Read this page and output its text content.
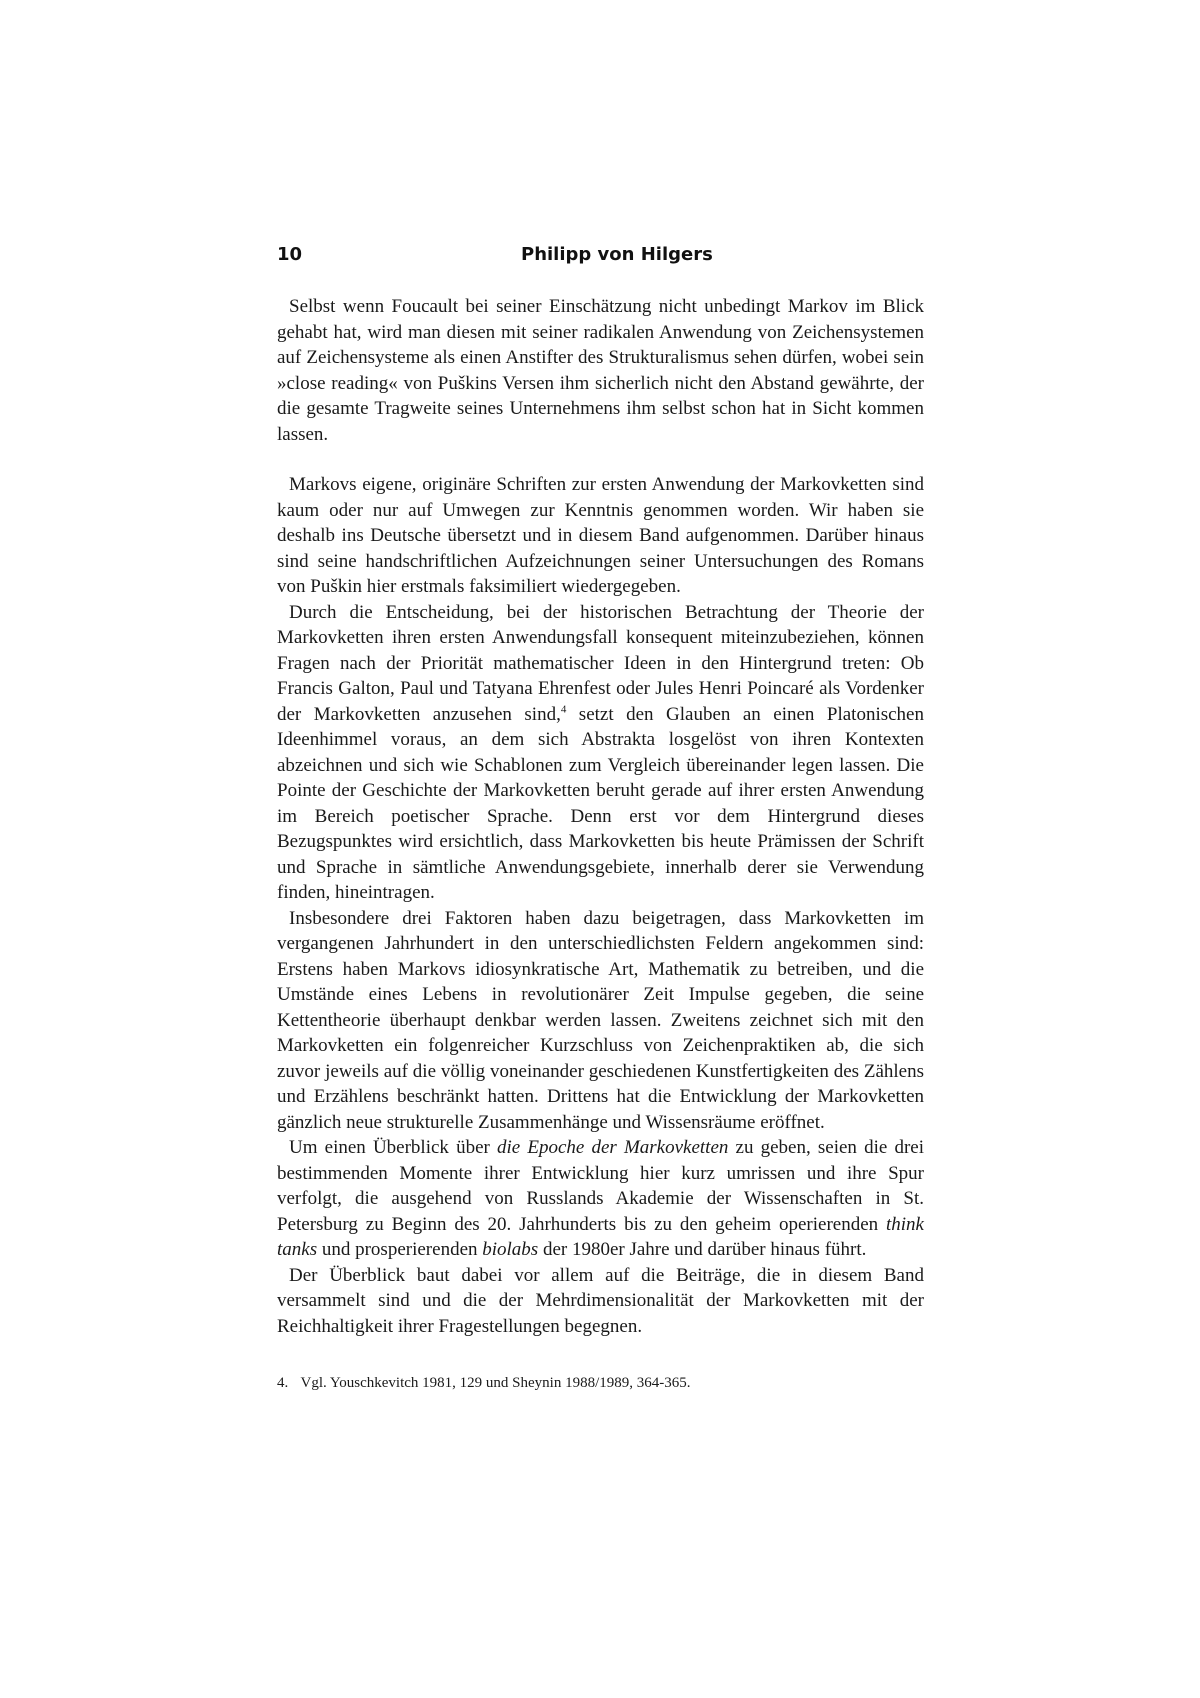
10	Philipp von Hilgers

Selbst wenn Foucault bei seiner Einschätzung nicht unbedingt Markov im Blick gehabt hat, wird man diesen mit seiner radikalen Anwendung von Zeichensystemen auf Zeichensysteme als einen Anstifter des Strukturalismus sehen dürfen, wobei sein »close reading« von Puškins Versen ihm sicherlich nicht den Abstand gewährte, der die gesamte Tragweite seines Unternehmens ihm selbst schon hat in Sicht kommen lassen.

Markovs eigene, originäre Schriften zur ersten Anwendung der Markovketten sind kaum oder nur auf Umwegen zur Kenntnis genommen worden. Wir haben sie deshalb ins Deutsche übersetzt und in diesem Band aufgenommen. Darüber hinaus sind seine handschriftlichen Aufzeichnungen seiner Untersuchungen des Romans von Puškin hier erstmals faksimiliert wiedergegeben.

Durch die Entscheidung, bei der historischen Betrachtung der Theorie der Markovketten ihren ersten Anwendungsfall konsequent miteinzubeziehen, können Fragen nach der Priorität mathematischer Ideen in den Hintergrund treten: Ob Francis Galton, Paul und Tatyana Ehrenfest oder Jules Henri Poincaré als Vordenker der Markovketten anzusehen sind,$^4$ setzt den Glauben an einen Platonischen Ideenhimmel voraus, an dem sich Abstrakta losgelöst von ihren Kontexten abzeichnen und sich wie Schablonen zum Vergleich übereinander legen lassen. Die Pointe der Geschichte der Markovketten beruht gerade auf ihrer ersten Anwendung im Bereich poetischer Sprache. Denn erst vor dem Hintergrund dieses Bezugspunktes wird ersichtlich, dass Markovketten bis heute Prämissen der Schrift und Sprache in sämtliche Anwendungsgebiete, innerhalb derer sie Verwendung finden, hineintragen.

Insbesondere drei Faktoren haben dazu beigetragen, dass Markovketten im vergangenen Jahrhundert in den unterschiedlichsten Feldern angekommen sind: Erstens haben Markovs idiosynkratische Art, Mathematik zu betreiben, und die Umstände eines Lebens in revolutionärer Zeit Impulse gegeben, die seine Kettentheorie überhaupt denkbar werden lassen. Zweitens zeichnet sich mit den Markovketten ein folgenreicher Kurzschluss von Zeichenpraktiken ab, die sich zuvor jeweils auf die völlig voneinander geschiedenen Kunstfertigkeiten des Zählens und Erzählens beschränkt hatten. Drittens hat die Entwicklung der Markovketten gänzlich neue strukturelle Zusammenhänge und Wissensräume eröffnet.

Um einen Überblick über die Epoche der Markovketten zu geben, seien die drei bestimmenden Momente ihrer Entwicklung hier kurz umrissen und ihre Spur verfolgt, die ausgehend von Russlands Akademie der Wissenschaften in St. Petersburg zu Beginn des 20. Jahrhunderts bis zu den geheim operierenden think tanks und prosperierenden biolabs der 1980er Jahre und darüber hinaus führt.

Der Überblick baut dabei vor allem auf die Beiträge, die in diesem Band versammelt sind und die der Mehrdimensionalität der Markovketten mit der Reichhaltigkeit ihrer Fragestellungen begegnen.

4. Vgl. Youschkevitch 1981, 129 und Sheynin 1988/1989, 364-365.
